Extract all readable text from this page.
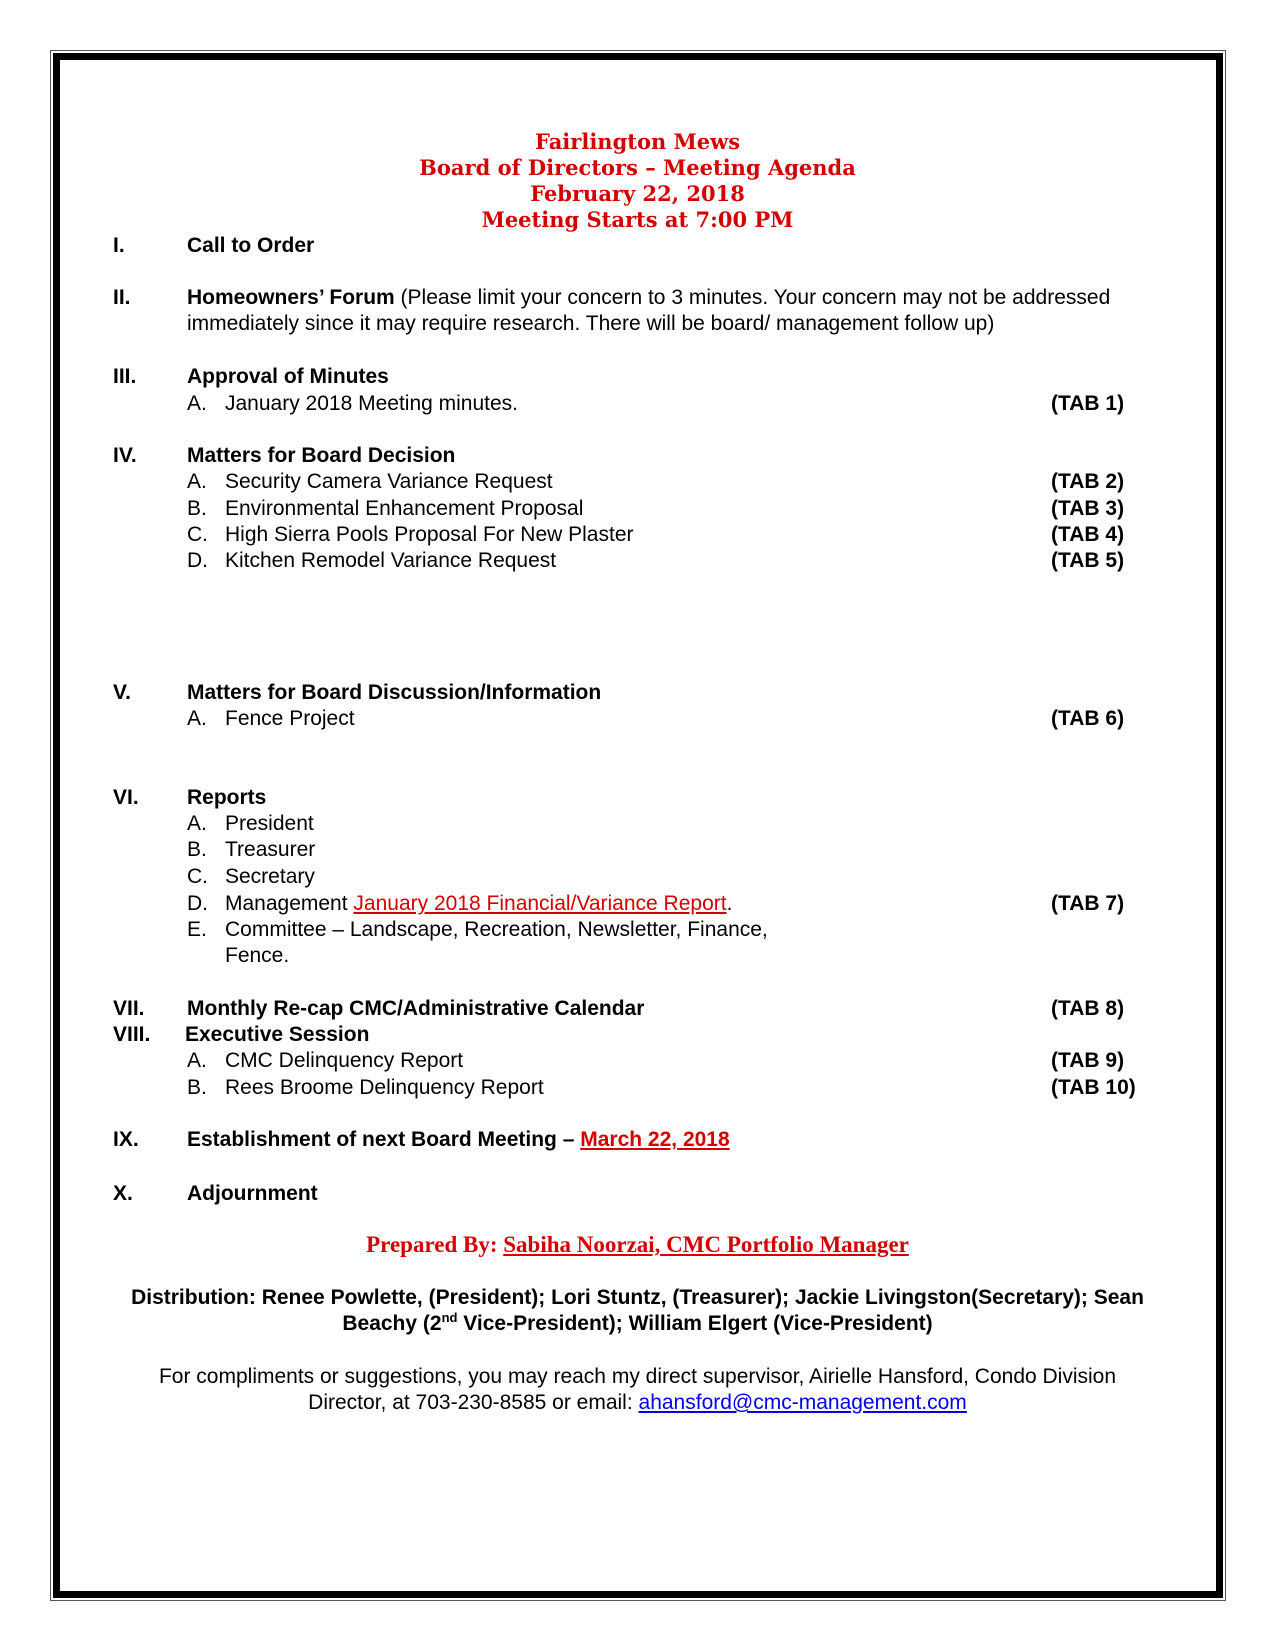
Fairlington Mews
Board of Directors – Meeting Agenda
February 22, 2018
Meeting Starts at 7:00 PM
I.	Call to Order
II.	Homeowners’ Forum (Please limit your concern to 3 minutes. Your concern may not be addressed
immediately since it may require research. There will be board/ management follow up)
III. Approval of Minutes
A. January 2018 Meeting minutes.	(TAB 1)
IV. Matters for Board Decision
A. Security Camera Variance Request	(TAB 2)
B. Environmental Enhancement Proposal	(TAB 3)
C. High Sierra Pools Proposal For New Plaster	(TAB 4)
D. Kitchen Remodel Variance Request	(TAB 5)
V.	Matters for Board Discussion/Information
A. Fence Project	(TAB 6)
VI. Reports
A. President
B. Treasurer
C. Secretary
D. Management January 2018 Financial/Variance Report.	(TAB 7)
E. Committee – Landscape, Recreation, Newsletter, Finance,
Fence.
VII. Monthly Re-cap CMC/Administrative Calendar	(TAB 8)
VIII. Executive Session
A. CMC Delinquency Report	(TAB 9)
B. Rees Broome Delinquency Report	(TAB 10)
IX. Establishment of next Board Meeting – March 22, 2018
X.	Adjournment
Prepared By: Sabiha Noorzai, CMC Portfolio Manager
Distribution: Renee Powlette, (President); Lori Stuntz, (Treasurer); Jackie Livingston(Secretary); Sean
Beachy (2nd Vice-President); William Elgert (Vice-President)
For compliments or suggestions, you may reach my direct supervisor, Airielle Hansford, Condo Division
Director, at 703-230-8585 or email: ahansford@cmc-management.com
